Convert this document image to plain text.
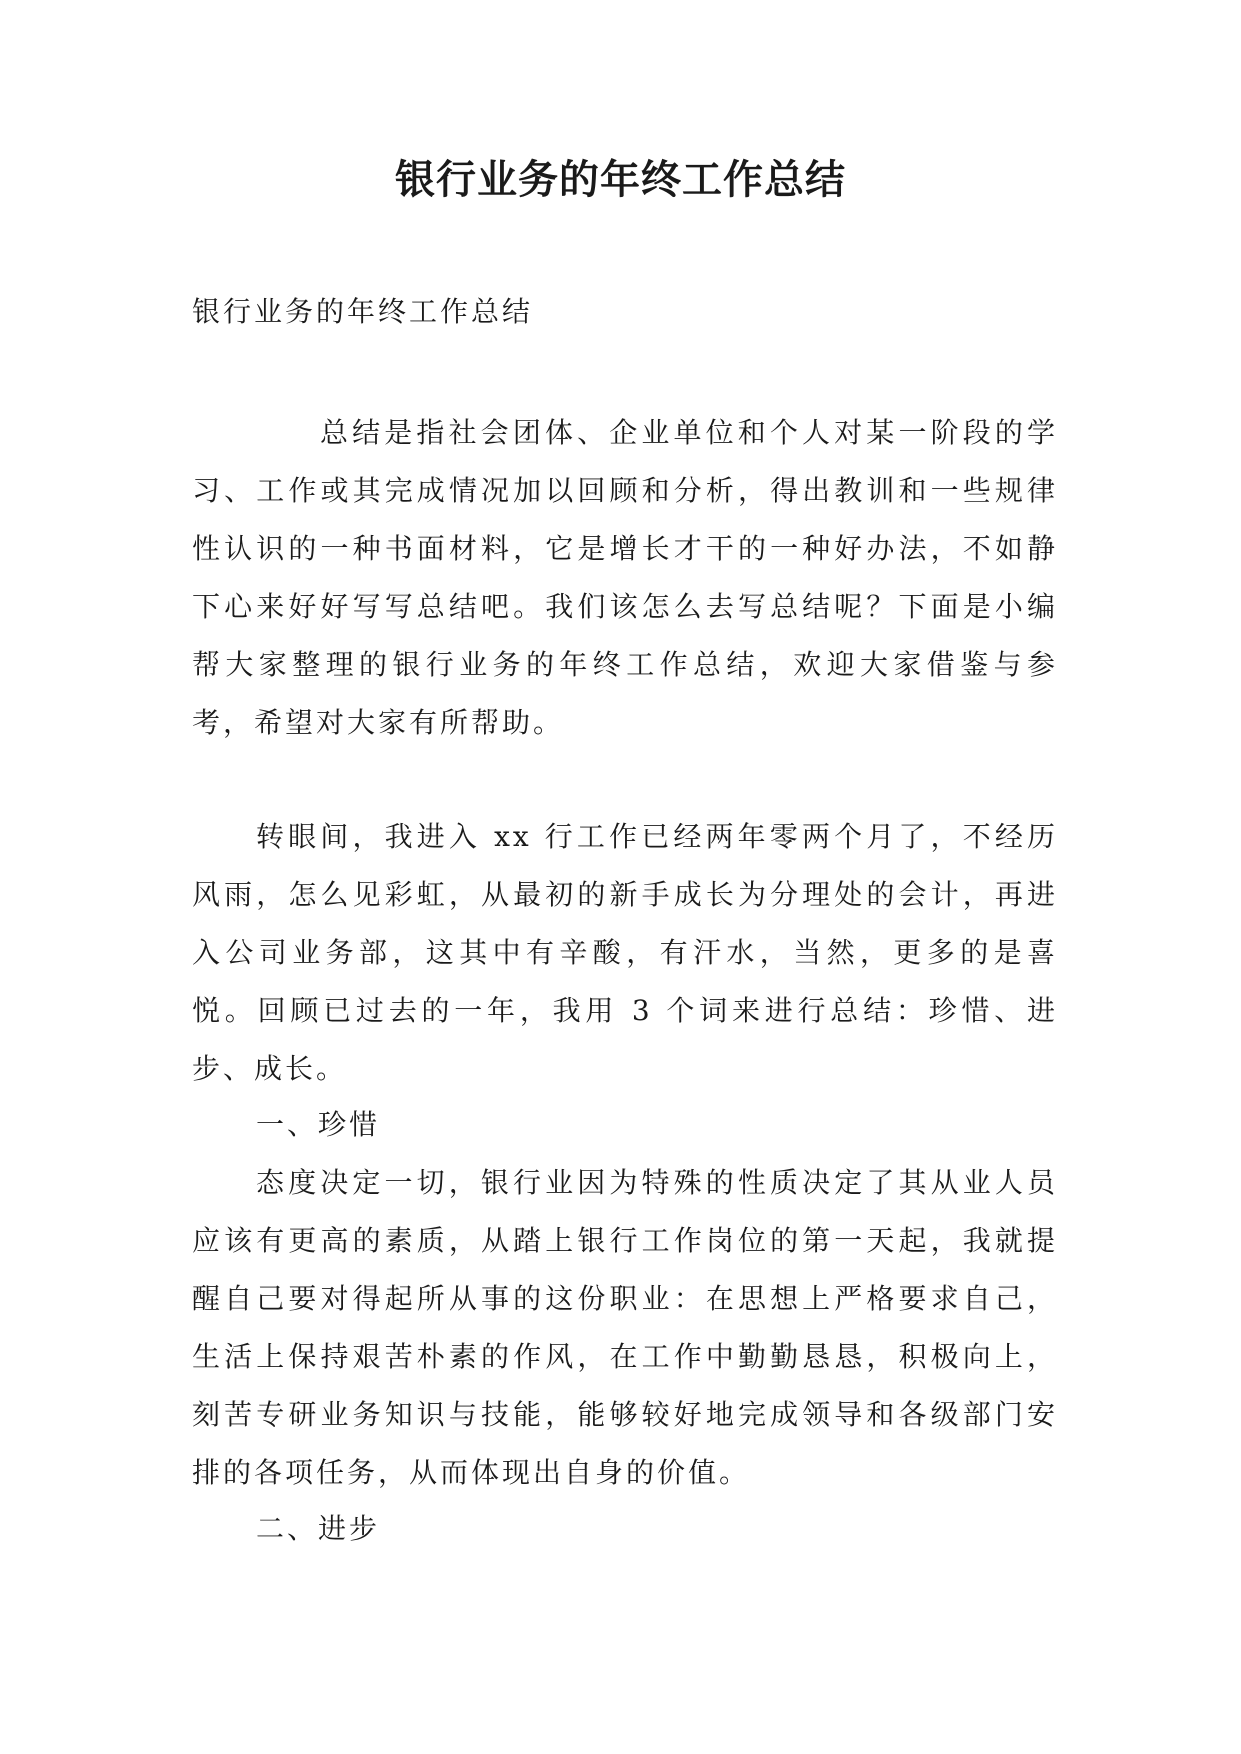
银行业务的年终工作总结

银行业务的年终工作总结

总结是指社会团体、企业单位和个人对某一阶段的学习、工作或其完成情况加以回顾和分析，得出教训和一些规律性认识的一种书面材料，它是增长才干的一种好办法，不如静下心来好好写写总结吧。我们该怎么去写总结呢？下面是小编帮大家整理的银行业务的年终工作总结，欢迎大家借鉴与参考，希望对大家有所帮助。

转眼间，我进入 xx 行工作已经两年零两个月了，不经历风雨，怎么见彩虹，从最初的新手成长为分理处的会计，再进入公司业务部，这其中有辛酸，有汗水，当然，更多的是喜悦。回顾已过去的一年，我用 3 个词来进行总结：珍惜、进步、成长。

一、珍惜

态度决定一切，银行业因为特殊的性质决定了其从业人员应该有更高的素质，从踏上银行工作岗位的第一天起，我就提醒自己要对得起所从事的这份职业：在思想上严格要求自己，生活上保持艰苦朴素的作风，在工作中勤勤恳恳，积极向上，刻苦专研业务知识与技能，能够较好地完成领导和各级部门安排的各项任务，从而体现出自身的价值。

二、进步
